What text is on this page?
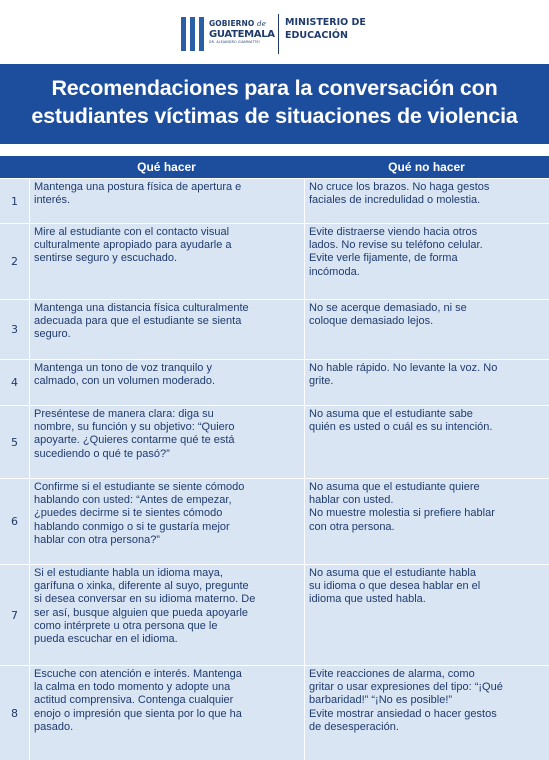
GOBIERNO de
GUATEMALA
DR. ALEJANDRO GIAMMATTEI
MINISTERIO DE
EDUCACIÓN
Recomendaciones para la conversación con
estudiantes víctimas de situaciones de violencia
Qué hacer	Qué no hacer
1

Mantenga una postura física de apertura e
interés.

No cruce los brazos. No haga gestos
faciales de incredulidad o molestia.

2

Mire al estudiante con el contacto visual
culturalmente apropiado para ayudarle a
sentirse seguro y escuchado.

Evite distraerse viendo hacia otros
lados. No revise su teléfono celular.
Evite verle fijamente, de forma
incómoda.

3

Mantenga una distancia física culturalmente
adecuada para que el estudiante se sienta
seguro.

No se acerque demasiado, ni se
coloque demasiado lejos.

4

Mantenga un tono de voz tranquilo y
calmado, con un volumen moderado.

No hable rápido. No levante la voz. No
grite.

5

Preséntese de manera clara: diga su
nombre, su función y su objetivo: “Quiero
apoyarte. ¿Quieres contarme qué te está
sucediendo o qué te pasó?”

No asuma que el estudiante sabe
quién es usted o cuál es su intención.

6

Confirme si el estudiante se siente cómodo
hablando con usted: “Antes de empezar,
¿puedes decirme si te sientes cómodo
hablando conmigo o si te gustaría mejor
hablar con otra persona?”

No asuma que el estudiante quiere
hablar con usted.
No muestre molestia si prefiere hablar
con otra persona.

7

Si el estudiante habla un idioma maya,
garífuna o xinka, diferente al suyo, pregunte
si desea conversar en su idioma materno. De
ser así, busque alguien que pueda apoyarle
como intérprete u otra persona que le
pueda escuchar en el idioma.

No asuma que el estudiante habla
su idioma o que desea hablar en el
idioma que usted habla.

8

Escuche con atención e interés. Mantenga
la calma en todo momento y adopte una
actitud comprensiva. Contenga cualquier
enojo o impresión que sienta por lo que ha
pasado.

Evite reacciones de alarma, como
gritar o usar expresiones del tipo: “¡Qué
barbaridad!” “¡No es posible!”
Evite mostrar ansiedad o hacer gestos
de desesperación.
